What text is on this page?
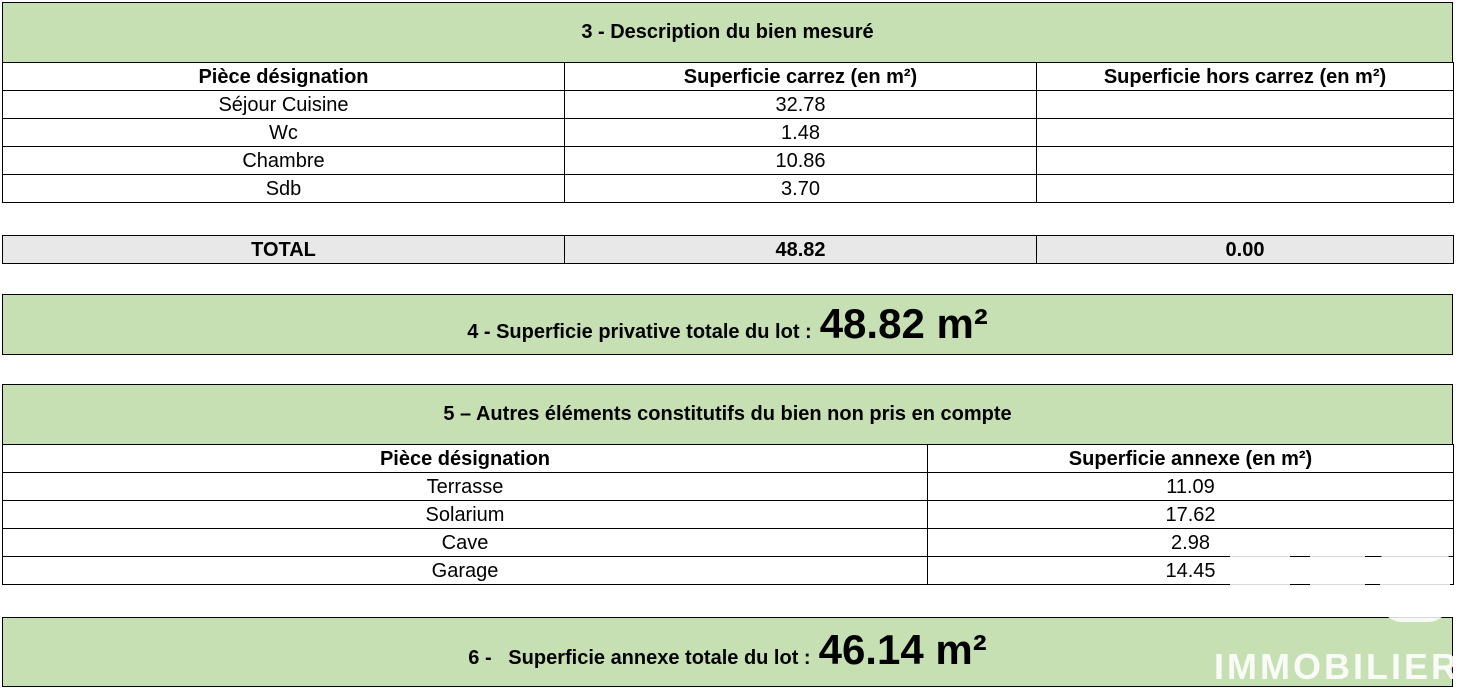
3 - Description du bien mesuré
Pièce désignation	Superficie carrez (en m²)	Superficie hors carrez (en m²)
Séjour Cuisine	32.78	
Wc	1.48	
Chambre	10.86	
Sdb	3.70	
TOTAL	48.82	0.00
4 - Superficie privative totale du lot : 48.82 m²
5 – Autres éléments constitutifs du bien non pris en compte
Pièce désignation	Superficie annexe (en m²)
Terrasse	11.09
Solarium	17.62
Cave	2.98
Garage	14.45
6 -   Superficie annexe totale du lot : 46.14 m²	IMMOBILIER
